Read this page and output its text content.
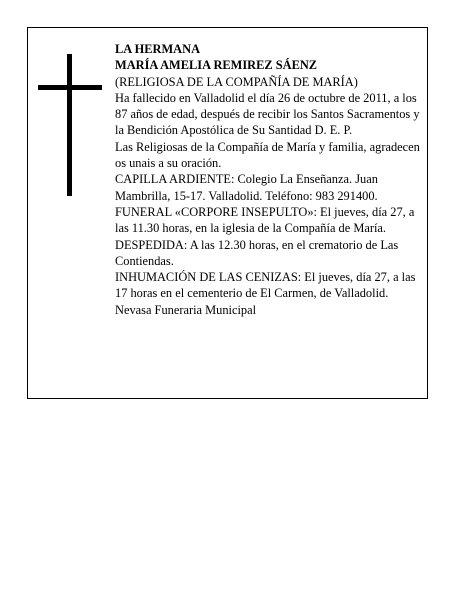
LA HERMANA

MARÍA AMELIA REMIREZ SÁENZ

(RELIGIOSA DE LA COMPAÑÍA DE MARÍA)

Ha fallecido en Valladolid el día 26 de octubre de 2011, a los 87 años de edad, después de recibir los Santos Sacramentos y la Bendición Apostólica de Su Santidad D. E. P.

Las Religiosas de la Compañía de María y familia, agradecen os unais a su oración.

CAPILLA ARDIENTE: Colegio La Enseñanza. Juan Mambrilla, 15-17. Valladolid. Teléfono: 983 291400.

FUNERAL «CORPORE INSEPULTO»: El jueves, día 27, a las 11.30 horas, en la iglesia de la Compañía de María.

DESPEDIDA: A las 12.30 horas, en el crematorio de Las Contiendas.

INHUMACIÓN DE LAS CENIZAS: El jueves, día 27, a las 17 horas en el cementerio de El Carmen, de Valladolid.

Nevasa Funeraria Municipal
